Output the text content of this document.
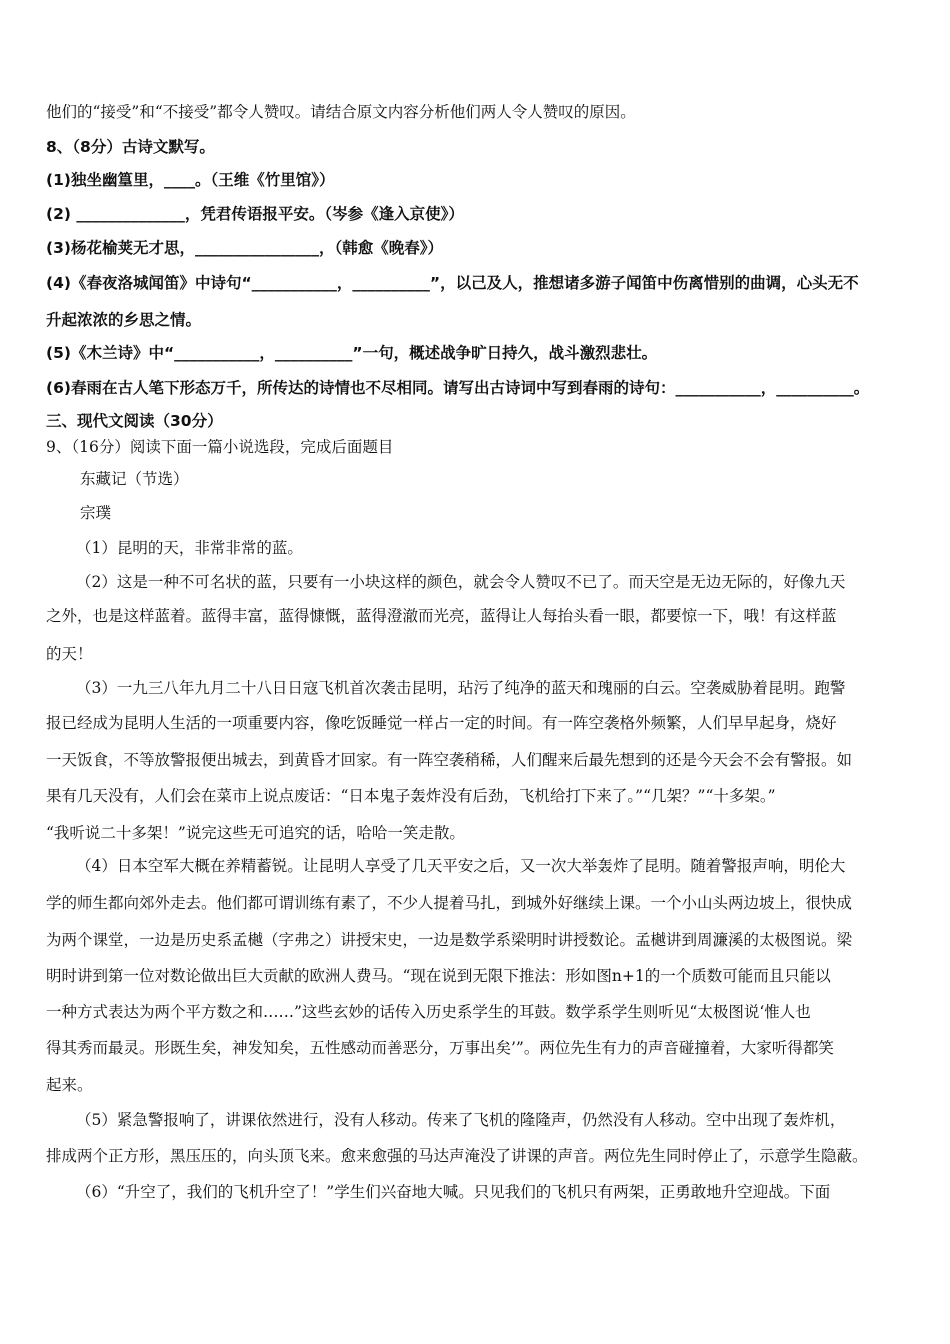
他们的“接受”和“不接受”都令人赞叹。请结合原文内容分析他们两人令人赞叹的原因。
8、（8分）古诗文默写。
(1)独坐幽篁里，____。（王维《竹里馆》）
(2) ______________，凭君传语报平安。（岑参《逢入京使》）
(3)杨花榆荚无才思，________________，（韩愈《晚春》）
(4)《春夜洛城闻笛》中诗句“___________，__________”，以己及人，推想诸多游子闻笛中伤离惜别的曲调，心头无不
升起浓浓的乡思之情。
(5)《木兰诗》中“___________，__________”一句，概述战争旷日持久，战斗激烈悲壮。
(6)春雨在古人笔下形态万千，所传达的诗情也不尽相同。请写出古诗词中写到春雨的诗句：___________，__________。
三、现代文阅读（30分）
9、（16分）阅读下面一篇小说选段，完成后面题目
东藏记（节选）
宗璞
（1）昆明的天，非常非常的蓝。
（2）这是一种不可名状的蓝，只要有一小块这样的颜色，就会令人赞叹不已了。而天空是无边无际的，好像九天
之外，也是这样蓝着。蓝得丰富，蓝得慷慨，蓝得澄澈而光亮，蓝得让人每抬头看一眼，都要惊一下，哦！有这样蓝
的天！
（3）一九三八年九月二十八日日寇飞机首次袭击昆明，玷污了纯净的蓝天和瑰丽的白云。空袭威胁着昆明。跑警
报已经成为昆明人生活的一项重要内容，像吃饭睡觉一样占一定的时间。有一阵空袭格外频繁，人们早早起身，烧好
一天饭食，不等放警报便出城去，到黄昏才回家。有一阵空袭稍稀，人们醒来后最先想到的还是今天会不会有警报。如
果有几天没有，人们会在菜市上说点废话：“日本鬼子轰炸没有后劲，飞机给打下来了。”“几架？”“十多架。”
“我听说二十多架！”说完这些无可追究的话，哈哈一笑走散。
（4）日本空军大概在养精蓄锐。让昆明人享受了几天平安之后，又一次大举轰炸了昆明。随着警报声响，明伦大
学的师生都向郊外走去。他们都可谓训练有素了，不少人提着马扎，到城外好继续上课。一个小山头两边坡上，很快成
为两个课堂，一边是历史系孟樾（字弗之）讲授宋史，一边是数学系梁明时讲授数论。孟樾讲到周濂溪的太极图说。梁
明时讲到第一位对数论做出巨大贡献的欧洲人费马。“现在说到无限下推法：形如图n+1的一个质数可能而且只能以
一种方式表达为两个平方数之和……”这些玄妙的话传入历史系学生的耳鼓。数学系学生则听见“太极图说‘惟人也
得其秀而最灵。形既生矣，神发知矣，五性感动而善恶分，万事出矣’”。两位先生有力的声音碰撞着，大家听得都笑
起来。
（5）紧急警报响了，讲课依然进行，没有人移动。传来了飞机的隆隆声，仍然没有人移动。空中出现了轰炸机，
排成两个正方形，黑压压的，向头顶飞来。愈来愈强的马达声淹没了讲课的声音。两位先生同时停止了，示意学生隐蔽。
（6）“升空了，我们的飞机升空了！”学生们兴奋地大喊。只见我们的飞机只有两架，正勇敢地升空迎战。下面
